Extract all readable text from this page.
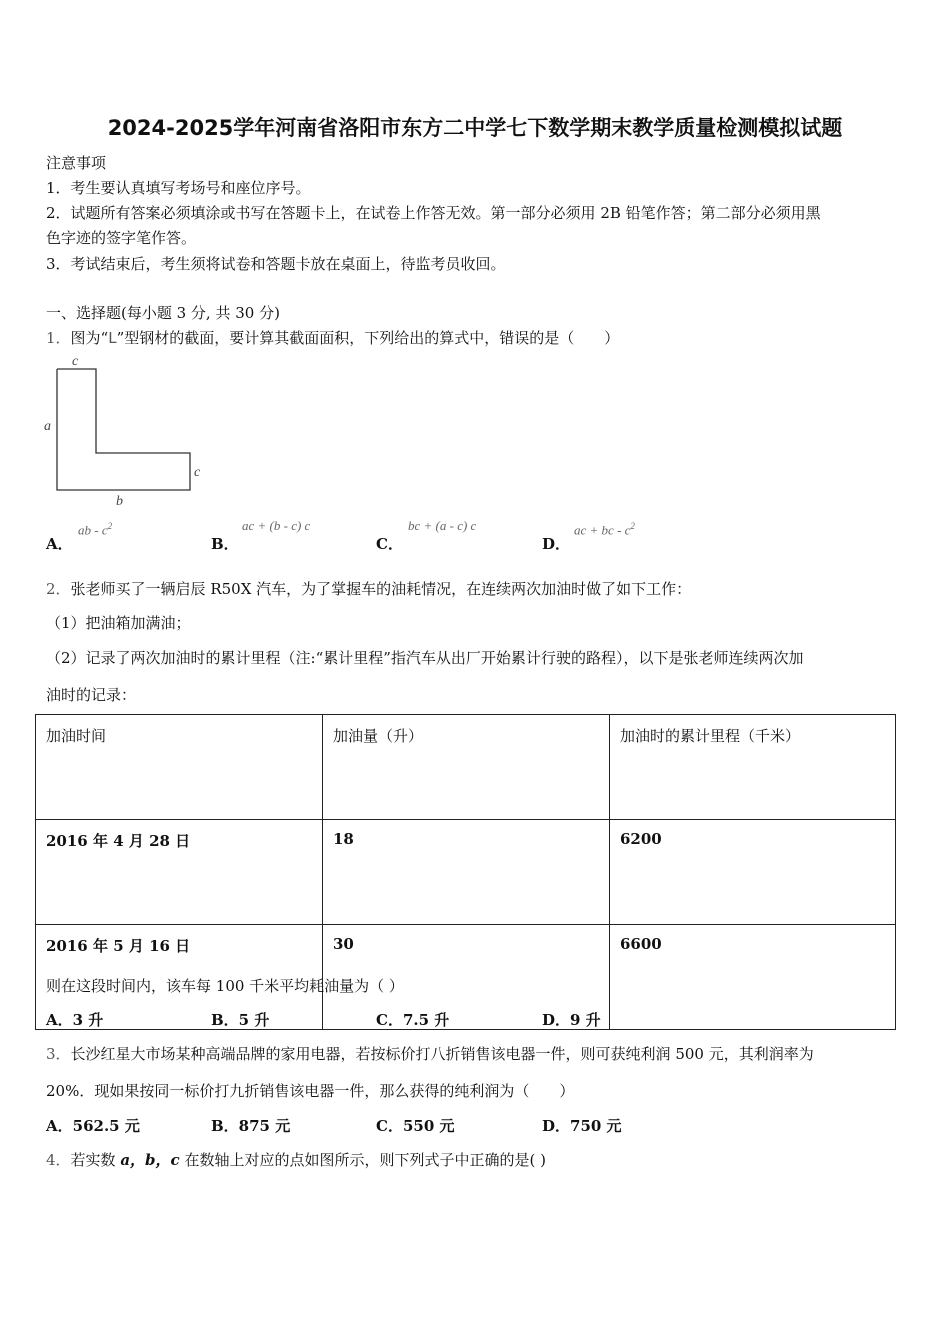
2024-2025学年河南省洛阳市东方二中学七下数学期末教学质量检测模拟试题
注意事项
1．考生要认真填写考场号和座位序号。
2．试题所有答案必须填涂或书写在答题卡上，在试卷上作答无效。第一部分必须用 2B 铅笔作答；第二部分必须用黑
色字迹的签字笔作答。
3．考试结束后，考生须将试卷和答题卡放在桌面上，待监考员收回。
一、选择题(每小题 3 分, 共 30 分)
1．图为“L”型钢材的截面，要计算其截面面积，下列给出的算式中，错误的是（　　）
c
a
c
b
A．
ab - $c^2$
B．
ac + (b - c) c
C．
bc + (a - c) c
D．
ac + bc - $c^2$
2．张老师买了一辆启辰 R50X 汽车，为了掌握车的油耗情况，在连续两次加油时做了如下工作：
（1）把油箱加满油；
（2）记录了两次加油时的累计里程（注:“累计里程”指汽车从出厂开始累计行驶的路程），以下是张老师连续两次加
油时的记录：
加油时间	加油量（升）	加油时的累计里程（千米）
2016 年 4 月 28 日	18	6200
2016 年 5 月 16 日	30	6600
则在这段时间内，该车每 100 千米平均耗油量为（ ）
A．3 升	B．5 升	C．7.5 升	D．9 升
3．长沙红星大市场某种高端品牌的家用电器，若按标价打八折销售该电器一件，则可获纯利润 500 元，其利润率为
20%．现如果按同一标价打九折销售该电器一件，那么获得的纯利润为（　　）
A．562.5 元	B．875 元	C．550 元	D．750 元
4．若实数 a，b，c 在数轴上对应的点如图所示，则下列式子中正确的是( )
